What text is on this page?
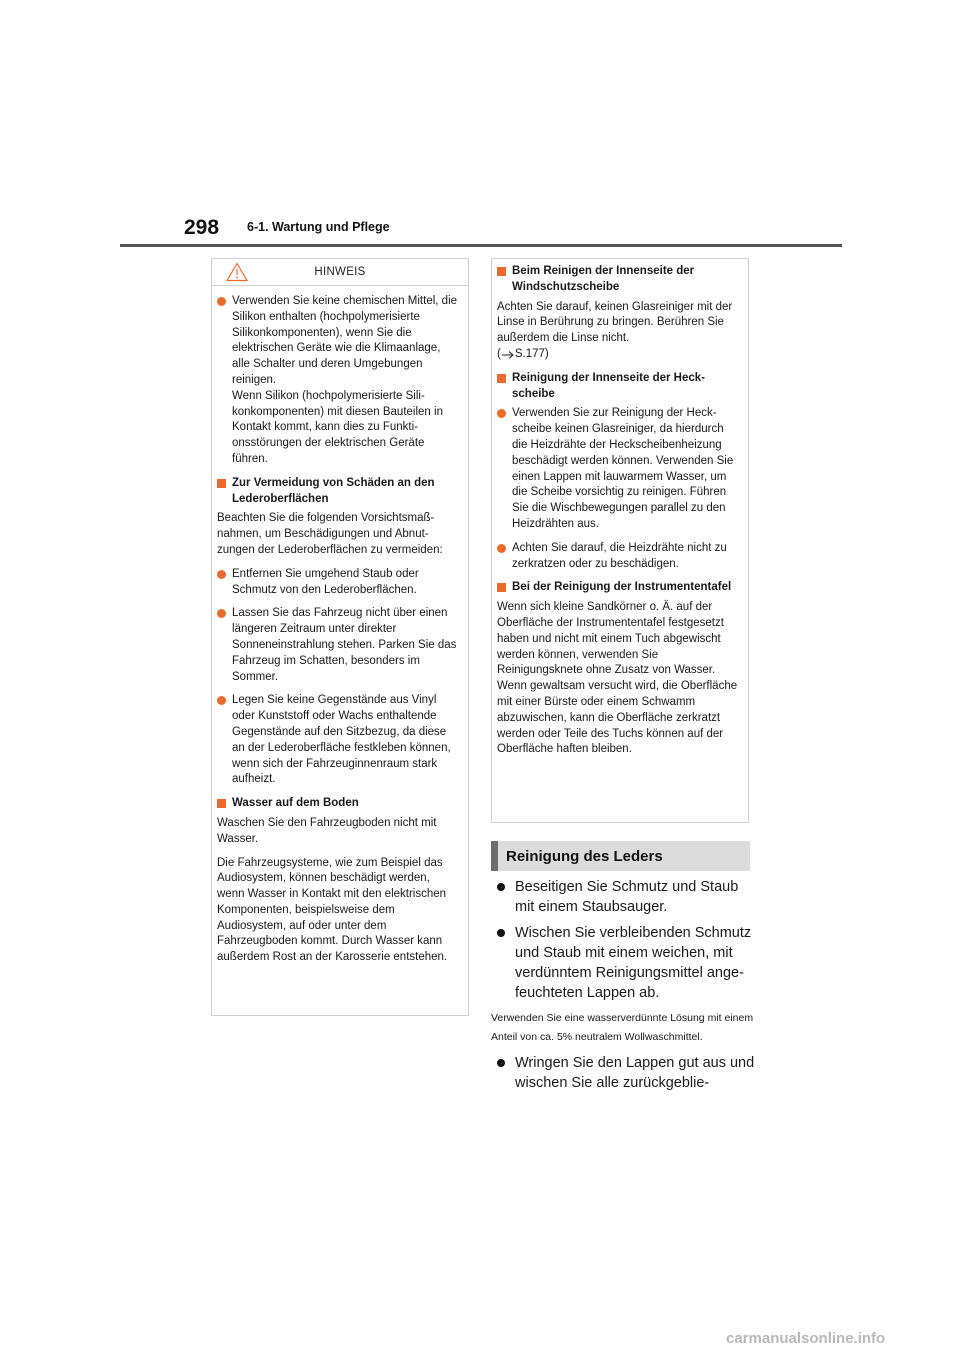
298 6-1. Wartung und Pflege
HINWEIS
Verwenden Sie keine chemischen Mittel, die Silikon enthalten (hochpolymerisierte Silikonkomponenten), wenn Sie die elektrischen Geräte wie die Klimaanlage, alle Schalter und deren Umgebungen reinigen.
Wenn Silikon (hochpolymerisierte Silikonkomponenten) mit diesen Bauteilen in Kontakt kommt, kann dies zu Funktionsstörungen der elektrischen Geräte führen.
Zur Vermeidung von Schäden an den Lederoberflächen

Beachten Sie die folgenden Vorsichtsmaßnahmen, um Beschädigungen und Abnutzungen der Lederoberflächen zu vermeiden:

Entfernen Sie umgehend Staub oder Schmutz von den Lederoberflächen.
Lassen Sie das Fahrzeug nicht über einen längeren Zeitraum unter direkter Sonneneinstrahlung stehen. Parken Sie das Fahrzeug im Schatten, besonders im Sommer.
Legen Sie keine Gegenstände aus Vinyl oder Kunststoff oder Wachs enthaltende Gegenstände auf den Sitzbezug, da diese an der Lederoberfläche festkleben können, wenn sich der Fahrzeuginnenraum stark aufheizt.
Wasser auf dem Boden

Waschen Sie den Fahrzeugboden nicht mit Wasser.

Die Fahrzeugsysteme, wie zum Beispiel das Audiosystem, können beschädigt werden, wenn Wasser in Kontakt mit den elektrischen Komponenten, beispielsweise dem Audiosystem, auf oder unter dem Fahrzeugboden kommt. Durch Wasser kann außerdem Rost an der Karosserie entstehen.

Beim Reinigen der Innenseite der Windschutzscheibe

Achten Sie darauf, keinen Glasreiniger mit der Linse in Berührung zu bringen. Berühren Sie außerdem die Linse nicht.

( S.177)

Reinigung der Innenseite der Heckscheibe
Verwenden Sie zur Reinigung der Heckscheibe keinen Glasreiniger, da hierdurch die Heizdrähte der Heckscheibenheizung beschädigt werden können. Verwenden Sie einen Lappen mit lauwarmem Wasser, um die Scheibe vorsichtig zu reinigen. Führen Sie die Wischbewegungen parallel zu den Heizdrähten aus.
Achten Sie darauf, die Heizdrähte nicht zu zerkratzen oder zu beschädigen.
Bei der Reinigung der Instrumententafel

Wenn sich kleine Sandkörner o. Ä. auf der Oberfläche der Instrumententafel festgesetzt haben und nicht mit einem Tuch abgewischt werden können, verwenden Sie Reinigungsknete ohne Zusatz von Wasser. Wenn gewaltsam versucht wird, die Oberfläche mit einer Bürste oder einem Schwamm abzuwischen, kann die Oberfläche zerkratzt werden oder Teile des Tuchs können auf der Oberfläche haften bleiben.

Reinigung des Leders
Beseitigen Sie Schmutz und Staub mit einem Staubsauger.
Wischen Sie verbleibenden Schmutz und Staub mit einem weichen, mit verdünntem Reinigungsmittel angefeuchteten Lappen ab.

Verwenden Sie eine wasserverdünnte Lösung mit einem Anteil von ca. 5% neutralem Wollwaschmittel.

Wringen Sie den Lappen gut aus und wischen Sie alle zurückgeblie-
carmanualsonline.info
